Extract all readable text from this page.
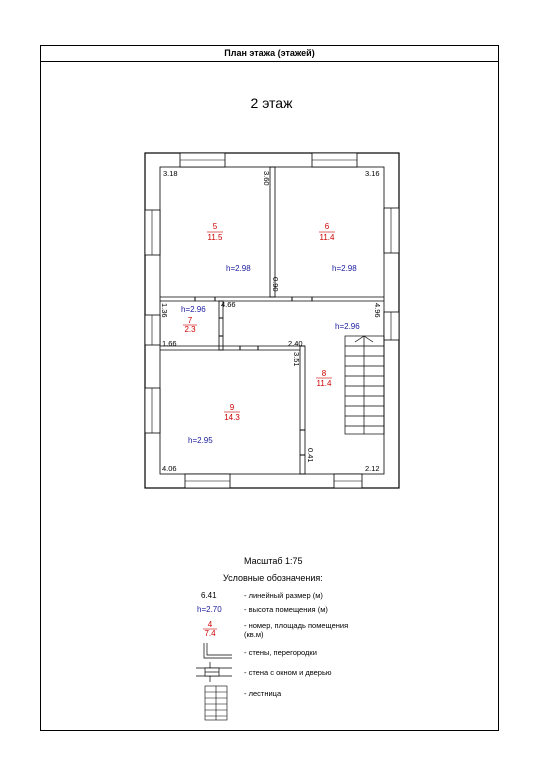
План этажа (этажей)
2 этаж
5
11.5
h=2.98
6
11.4
h=2.98
h=2.96
7
2.3	h=2.96
8
11.4
9
14.3
h=2.95
3.18	3.60	3.16
0.90
4.66
1.36	4.96
1.66	2.40
3.51
0.41
4.06	2.12
6.41
h=2.70
4
7.4
Масштаб 1:75
Условные обозначения:
- линейный размер (м)
- высота помещения (м)
- номер, площадь помещения
(кв.м)
- стены, перегородки
- стена с окном и дверью
- лестница
